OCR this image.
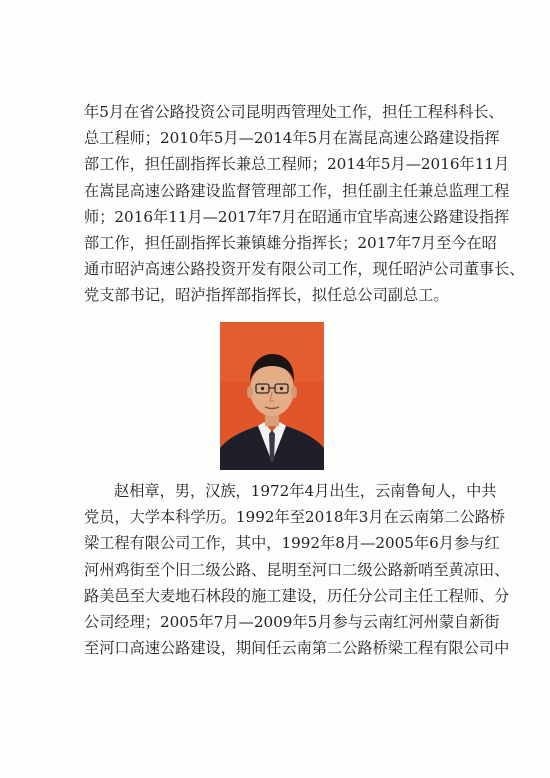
年5月在省公路投资公司昆明西管理处工作，担任工程科科长、
总工程师；2010年5月—2014年5月在嵩昆高速公路建设指挥
部工作，担任副指挥长兼总工程师；2014年5月—2016年11月
在嵩昆高速公路建设监督管理部工作，担任副主任兼总监理工程
师；2016年11月—2017年7月在昭通市宜毕高速公路建设指挥
部工作，担任副指挥长兼镇雄分指挥长；2017年7月至今在昭
通市昭泸高速公路投资开发有限公司工作，现任昭泸公司董事长、
党支部书记，昭泸指挥部指挥长，拟任总公司副总工。
赵相章，男，汉族，1972年4月出生，云南鲁甸人，中共
党员，大学本科学历。1992年至2018年3月在云南第二公路桥
梁工程有限公司工作，其中，1992年8月—2005年6月参与红
河州鸡街至个旧二级公路、昆明至河口二级公路新哨至黄凉田、
路美邑至大麦地石林段的施工建设，历任分公司主任工程师、分
公司经理；2005年7月—2009年5月参与云南红河州蒙自新街
至河口高速公路建设，期间任云南第二公路桥梁工程有限公司中
